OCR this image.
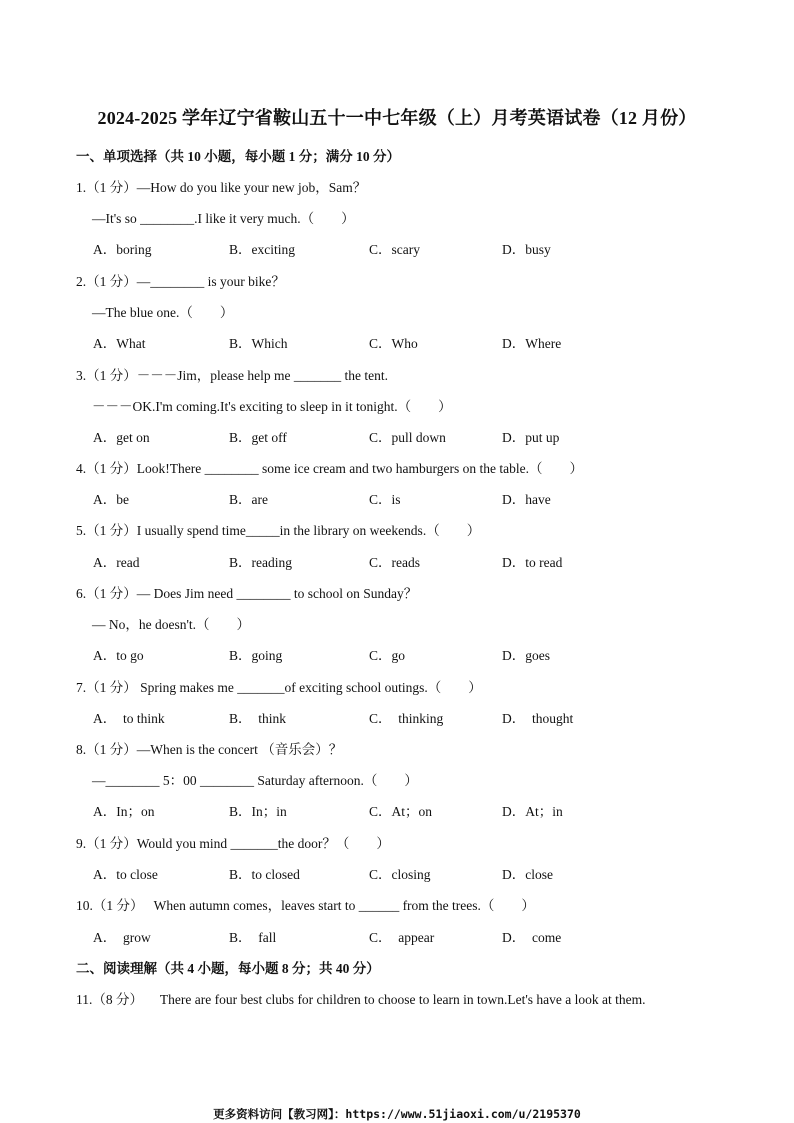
2024-2025 学年辽宁省鞍山五十一中七年级（上）月考英语试卷（12 月份）
一、单项选择（共 10 小题，每小题 1 分；满分 10 分）
1.（1 分）—How do you like your new job，Sam？
—It's so ________.I like it very much.（　　）
A．boring	B．exciting	C．scary	D．busy
2.（1 分）—________ is your bike？
—The blue one.（　　）
A．What	B．Which	C．Who	D．Where
3.（1 分）－－－Jim，please help me _______ the tent.
－－－OK.I'm coming.It's exciting to sleep in it tonight.（　　）
A．get on	B．get off	C．pull down	D．put up
4.（1 分）Look!There ________ some ice cream and two hamburgers on the table.（　　）
A．be	B．are	C．is	D．have
5.（1 分）I usually spend time_____in the library on weekends.（　　）
A．read	B．reading	C．reads	D．to read
6.（1 分）— Does Jim need ________ to school on Sunday？
— No，he doesn't.（　　）
A．to go	B．going	C．go	D．goes
7.（1 分） Spring makes me _______of exciting school outings.（　　）
A．  to think	B．  think	C．  thinking	D．  thought
8.（1 分）—When is the concert （音乐会）？
—________ 5：00 ________ Saturday afternoon.（　　）
A．In；on	B．In；in	C．At；on	D．At；in
9.（1 分）Would you mind _______the door？（　　）
A．to close	B．to closed	C．closing	D．close
10.（1 分）   When autumn comes，leaves start to ______ from the trees.（　　）
A．  grow	B．  fall	C．  appear	D．  come
二、阅读理解（共 4 小题，每小题 8 分；共 40 分）
11.（8 分）     There are four best clubs for children to choose to learn in town.Let's have a look at them.
更多资料访问【教习网】：https://www.51jiaoxi.com/u/2195370
